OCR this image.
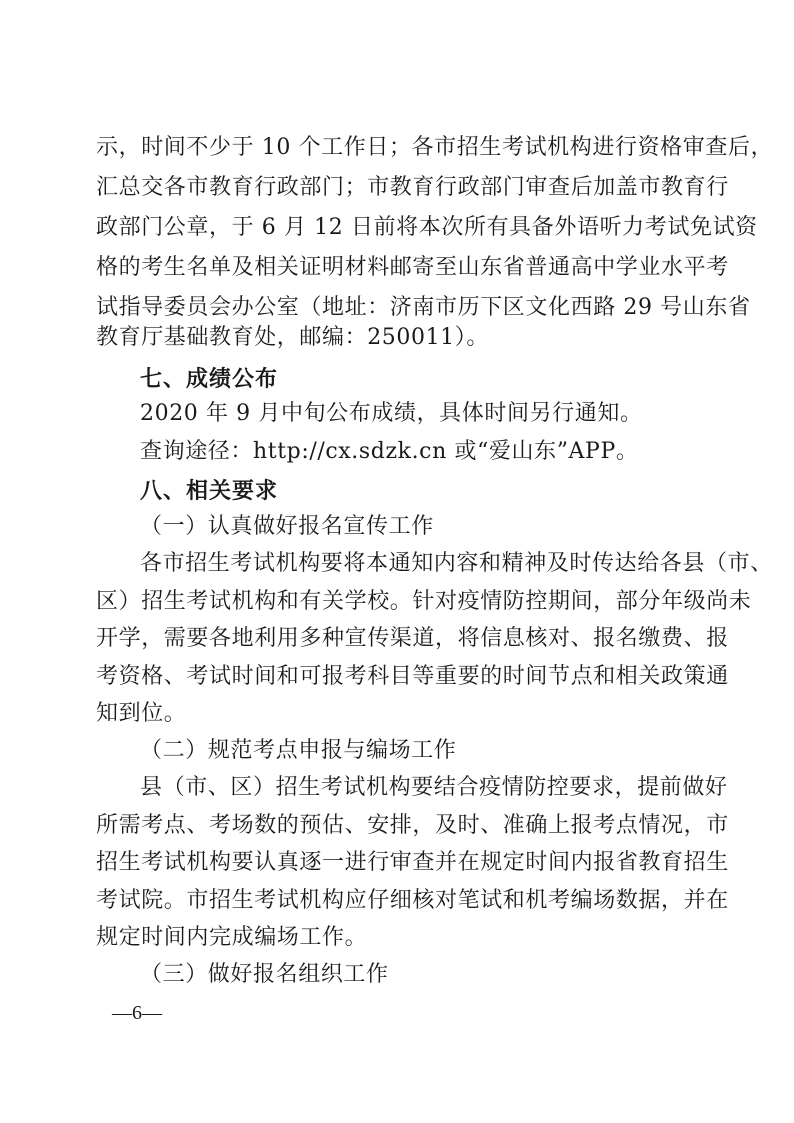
示，时间不少于 10 个工作日；各市招生考试机构进行资格审查后，
汇总交各市教育行政部门；市教育行政部门审查后加盖市教育行
政部门公章，于 6 月 12 日前将本次所有具备外语听力考试免试资
格的考生名单及相关证明材料邮寄至山东省普通高中学业水平考
试指导委员会办公室（地址：济南市历下区文化西路 29 号山东省
教育厅基础教育处，邮编：250011）。
七、成绩公布
2020 年 9 月中旬公布成绩，具体时间另行通知。
查询途径：http://cx.sdzk.cn 或“爱山东”APP。
八、相关要求
（一）认真做好报名宣传工作
各市招生考试机构要将本通知内容和精神及时传达给各县（市、
区）招生考试机构和有关学校。针对疫情防控期间，部分年级尚未
开学，需要各地利用多种宣传渠道，将信息核对、报名缴费、报
考资格、考试时间和可报考科目等重要的时间节点和相关政策通
知到位。
（二）规范考点申报与编场工作
县（市、区）招生考试机构要结合疫情防控要求，提前做好
所需考点、考场数的预估、安排，及时、准确上报考点情况，市
招生考试机构要认真逐一进行审查并在规定时间内报省教育招生
考试院。市招生考试机构应仔细核对笔试和机考编场数据，并在
规定时间内完成编场工作。
（三）做好报名组织工作
—6—
